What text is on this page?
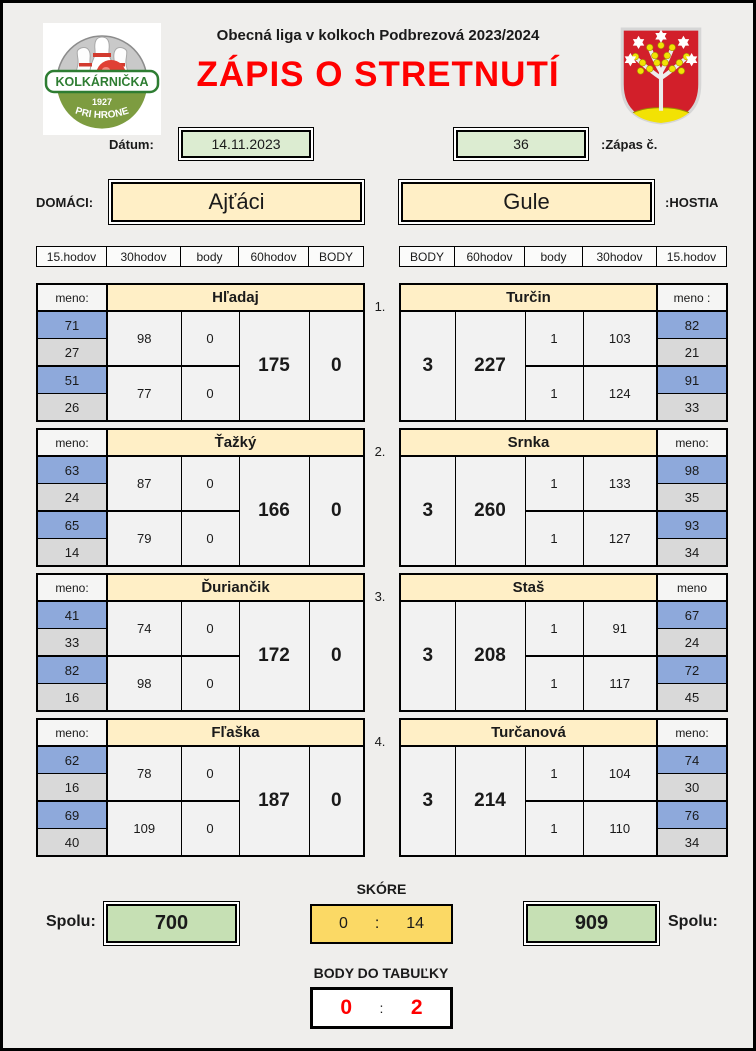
Obecná liga v kolkoch Podbrezová 2023/2024
ZÁPIS O STRETNUTÍ
KOLKÁRNIČKA
1927
PRI HRONE
Dátum:	14.11.2023	36	:Zápas č.
DOMÁCI:	Ajťáci	Gule	:HOSTIA
15.hodov	30hodov	body	60hodov	BODY	BODY	60hodov	body	30hodov	15.hodov
meno:	Hľadaj			
71	98	0	175	0
27				
51	77	0		
26				
1.
Turčin				meno :
3	227	1	103	82
				21
		1	124	91
				33
meno:	Ťažký			
63	87	0	166	0
24				
65	79	0		
14				
2.
Srnka				meno:
3	260	1	133	98
				35
		1	127	93
				34
meno:	Ďuriančik			
41	74	0	172	0
33				
82	98	0		
16				
3.
Staš				meno
3	208	1	91	67
				24
		1	117	72
				45
meno:	Fľaška			
62	78	0	187	0
16				
69	109	0		
40				
4.
Turčanová				meno:
3	214	1	104	74
				30
		1	110	76
				34
SKÓRE
Spolu:	700	0 : 14	909	Spolu:
BODY DO TABUĽKY
0 : 2
